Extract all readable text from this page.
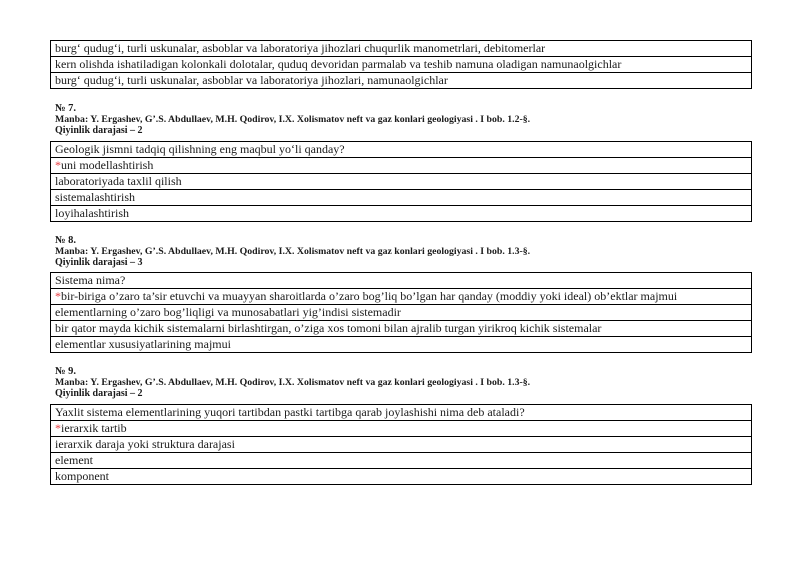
burg‘ qudug‘i, turli uskunalar, asboblar va laboratoriya jihozlari chuqurlik manometrlari, debitomerlar
kern olishda ishatiladigan kolonkali dolotalar, quduq devoridan parmalab va teshib namuna oladigan namunaolgichlar
burg‘ qudug‘i, turli uskunalar, asboblar va laboratoriya jihozlari, namunaolgichlar
№ 7.
Manba: Y. Ergashev, G’.S. Abdullaev, M.H. Qodirov, I.X. Xolismatov neft va gaz konlari geologiyasi . I bob. 1.2-§.
Qiyinlik darajasi – 2
Geologik jismni tadqiq qilishning eng maqbul yo‘li qanday?
*uni modellashtirish
laboratoriyada taxlil qilish
sistemalashtirish
loyihalashtirish
№ 8.
Manba: Y. Ergashev, G’.S. Abdullaev, M.H. Qodirov, I.X. Xolismatov neft va gaz konlari geologiyasi . I bob. 1.3-§.
Qiyinlik darajasi – 3
Sistema nima?
*bir-biriga o’zaro ta’sir etuvchi va muayyan sharoitlarda o’zaro bog’liq bo’lgan har qanday (moddiy yoki ideal) ob’ektlar majmui
elementlarning o’zaro bog’liqligi va munosabatlari yig’indisi sistemadir
bir qator mayda kichik sistemalarni birlashtirgan, o’ziga xos tomoni bilan ajralib turgan yirikroq kichik sistemalar
elementlar xususiyatlarining majmui
№ 9.
Manba: Y. Ergashev, G’.S. Abdullaev, M.H. Qodirov, I.X. Xolismatov neft va gaz konlari geologiyasi . I bob. 1.3-§.
Qiyinlik darajasi – 2
Yaxlit sistema elementlarining yuqori tartibdan pastki tartibga qarab joylashishi nima deb ataladi?
*ierarxik tartib
ierarxik daraja yoki struktura darajasi
element
komponent
